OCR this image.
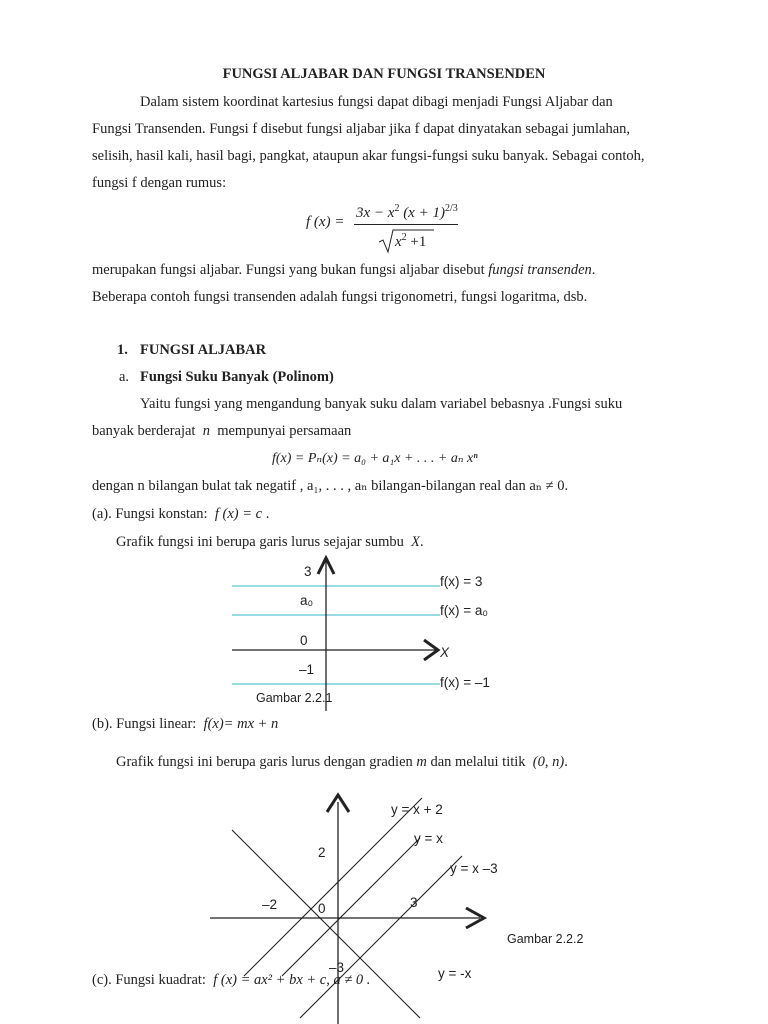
FUNGSI ALJABAR DAN FUNGSI TRANSENDEN
Dalam sistem koordinat kartesius fungsi dapat dibagi menjadi Fungsi Aljabar dan
Fungsi Transenden. Fungsi f disebut fungsi aljabar jika f dapat dinyatakan sebagai jumlahan,
selisih, hasil kali, hasil bagi, pangkat, ataupun akar fungsi-fungsi suku banyak. Sebagai contoh,
fungsi f dengan rumus:
f (x) =
$3x - x^2$ $(x + 1)^{2/3}$
$x^2 +1$
merupakan fungsi aljabar. Fungsi yang bukan fungsi aljabar disebut fungsi transenden.
Beberapa contoh fungsi transenden adalah fungsi trigonometri, fungsi logaritma, dsb.
1. FUNGSI ALJABAR
a. Fungsi Suku Banyak (Polinom)
Yaitu fungsi yang mengandung banyak suku dalam variabel bebasnya .Fungsi suku
banyak berderajat n mempunyai persamaan
f(x) = Pₙ(x) = a₀ + a₁x + . . . + aₙ xⁿ
dengan n bilangan bulat tak negatif , a₁, . . . , aₙ bilangan-bilangan real dan aₙ ≠ 0.
(a). Fungsi konstan: f (x) = c .
Grafik fungsi ini berupa garis lurus sejajar sumbu X.
3
a₀
0
–1
X
f(x) = 3
f(x) = a₀
f(x) = –1
Gambar 2.2.1
(b). Fungsi linear: f(x)= mx + n
Grafik fungsi ini berupa garis lurus dengan gradien m dan melalui titik (0, n).
y = x + 2
y = x
y = x –3
y = -x
2
–2	0	3
–3
Gambar 2.2.2
(c). Fungsi kuadrat: f (x) = ax² + bx + c, a ≠ 0 .
